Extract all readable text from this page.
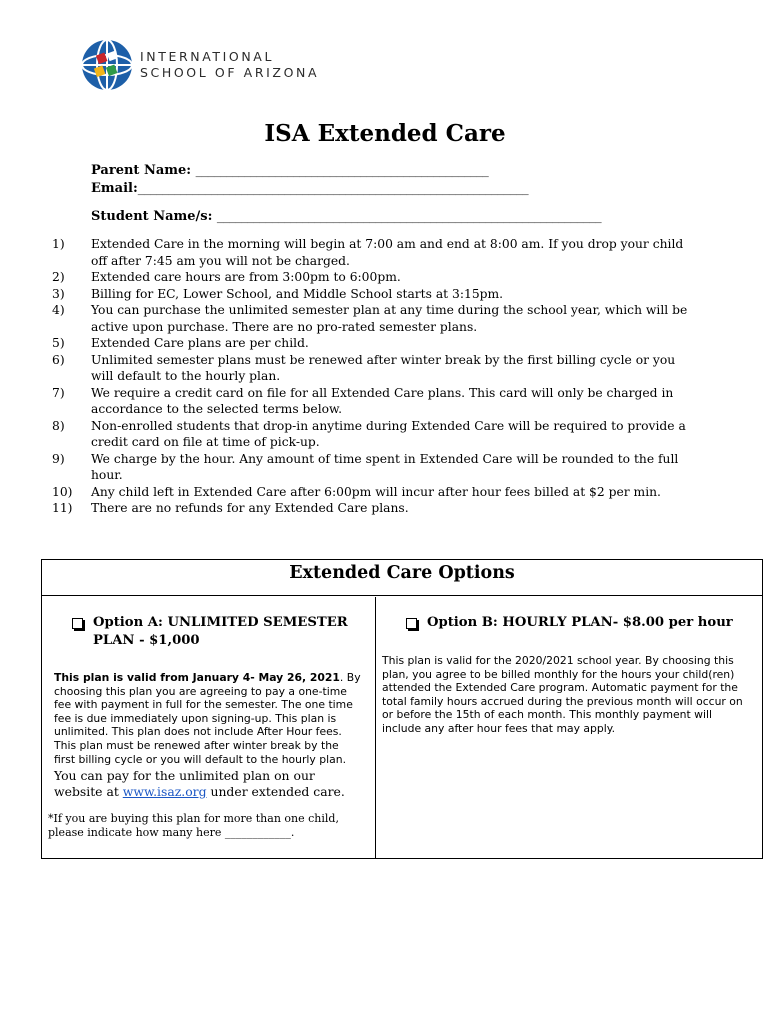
INTERNATIONAL
SCHOOL OF ARIZONA
ISA Extended Care
Parent Name: ________________________________________________
Email:________________________________________________________________
Student Name/s: _______________________________________________________________
1)	Extended Care in the morning will begin at 7:00 am and end at 8:00 am. If you drop your child off after 7:45 am you will not be charged.
2)	Extended care hours are from 3:00pm to 6:00pm.
3)	Billing for EC, Lower School, and Middle School starts at 3:15pm.
4)	You can purchase the unlimited semester plan at any time during the school year, which will be active upon purchase. There are no pro-rated semester plans.
5)	Extended Care plans are per child.
6)	Unlimited semester plans must be renewed after winter break by the first billing cycle or you will default to the hourly plan.
7)	We require a credit card on file for all Extended Care plans. This card will only be charged in accordance to the selected terms below.
8)	Non-enrolled students that drop-in anytime during Extended Care will be required to provide a credit card on file at time of pick-up.
9)	We charge by the hour. Any amount of time spent in Extended Care will be rounded to the full hour.
10)	Any child left in Extended Care after 6:00pm will incur after hour fees billed at $2 per min.
11)	There are no refunds for any Extended Care plans.
Extended Care Options
Option A: UNLIMITED SEMESTER PLAN - $1,000
This plan is valid from January 4- May 26, 2021. By choosing this plan you are agreeing to pay a one-time fee with payment in full for the semester. The one time fee is due immediately upon signing-up. This plan is unlimited. This plan does not include After Hour fees. This plan must be renewed after winter break by the first billing cycle or you will default to the hourly plan.
You can pay for the unlimited plan on our website at www.isaz.org under extended care.
*If you are buying this plan for more than one child, please indicate how many here ____________.
Option B: HOURLY PLAN- $8.00 per hour
This plan is valid for the 2020/2021 school year. By choosing this plan, you agree to be billed monthly for the hours your child(ren) attended the Extended Care program. Automatic payment for the total family hours accrued during the previous month will occur on or before the 15th of each month. This monthly payment will include any after hour fees that may apply.
